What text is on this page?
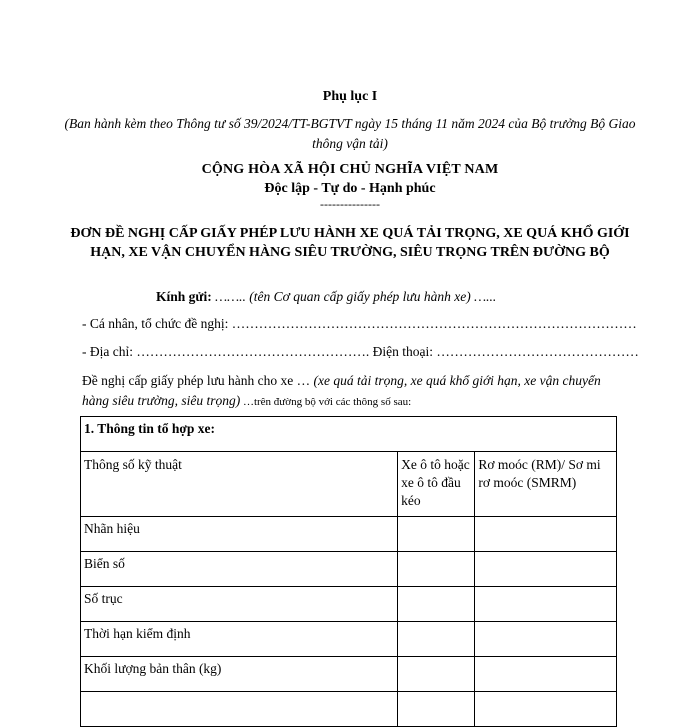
Phụ lục I
(Ban hành kèm theo Thông tư số 39/2024/TT-BGTVT ngày 15 tháng 11 năm 2024 của Bộ trưởng Bộ Giao thông vận tải)
CỘNG HÒA XÃ HỘI CHỦ NGHĨA VIỆT NAM
Độc lập - Tự do - Hạnh phúc
---------------
ĐƠN ĐỀ NGHỊ CẤP GIẤY PHÉP LƯU HÀNH XE QUÁ TẢI TRỌNG, XE QUÁ KHỔ GIỚI HẠN, XE VẬN CHUYỂN HÀNG SIÊU TRƯỜNG, SIÊU TRỌNG TRÊN ĐƯỜNG BỘ
Kính gửi: …….. (tên Cơ quan cấp giấy phép lưu hành xe) …...
- Cá nhân, tổ chức đề nghị: ………………………………………………………………………………
- Địa chỉ: ……………………………………………. Điện thoại: ………………………………………
Đề nghị cấp giấy phép lưu hành cho xe … (xe quá tải trọng, xe quá khổ giới hạn, xe vận chuyển hàng siêu trường, siêu trọng) …trên đường bộ với các thông số sau:
1. Thông tin tổ hợp xe:		
Thông số kỹ thuật	Xe ô tô hoặc xe ô tô đầu kéo	Rơ moóc (RM)/ Sơ mi rơ moóc (SMRM)
Nhãn hiệu		
Biển số		
Số trục		
Thời hạn kiểm định		
Khối lượng bản thân (kg)		
